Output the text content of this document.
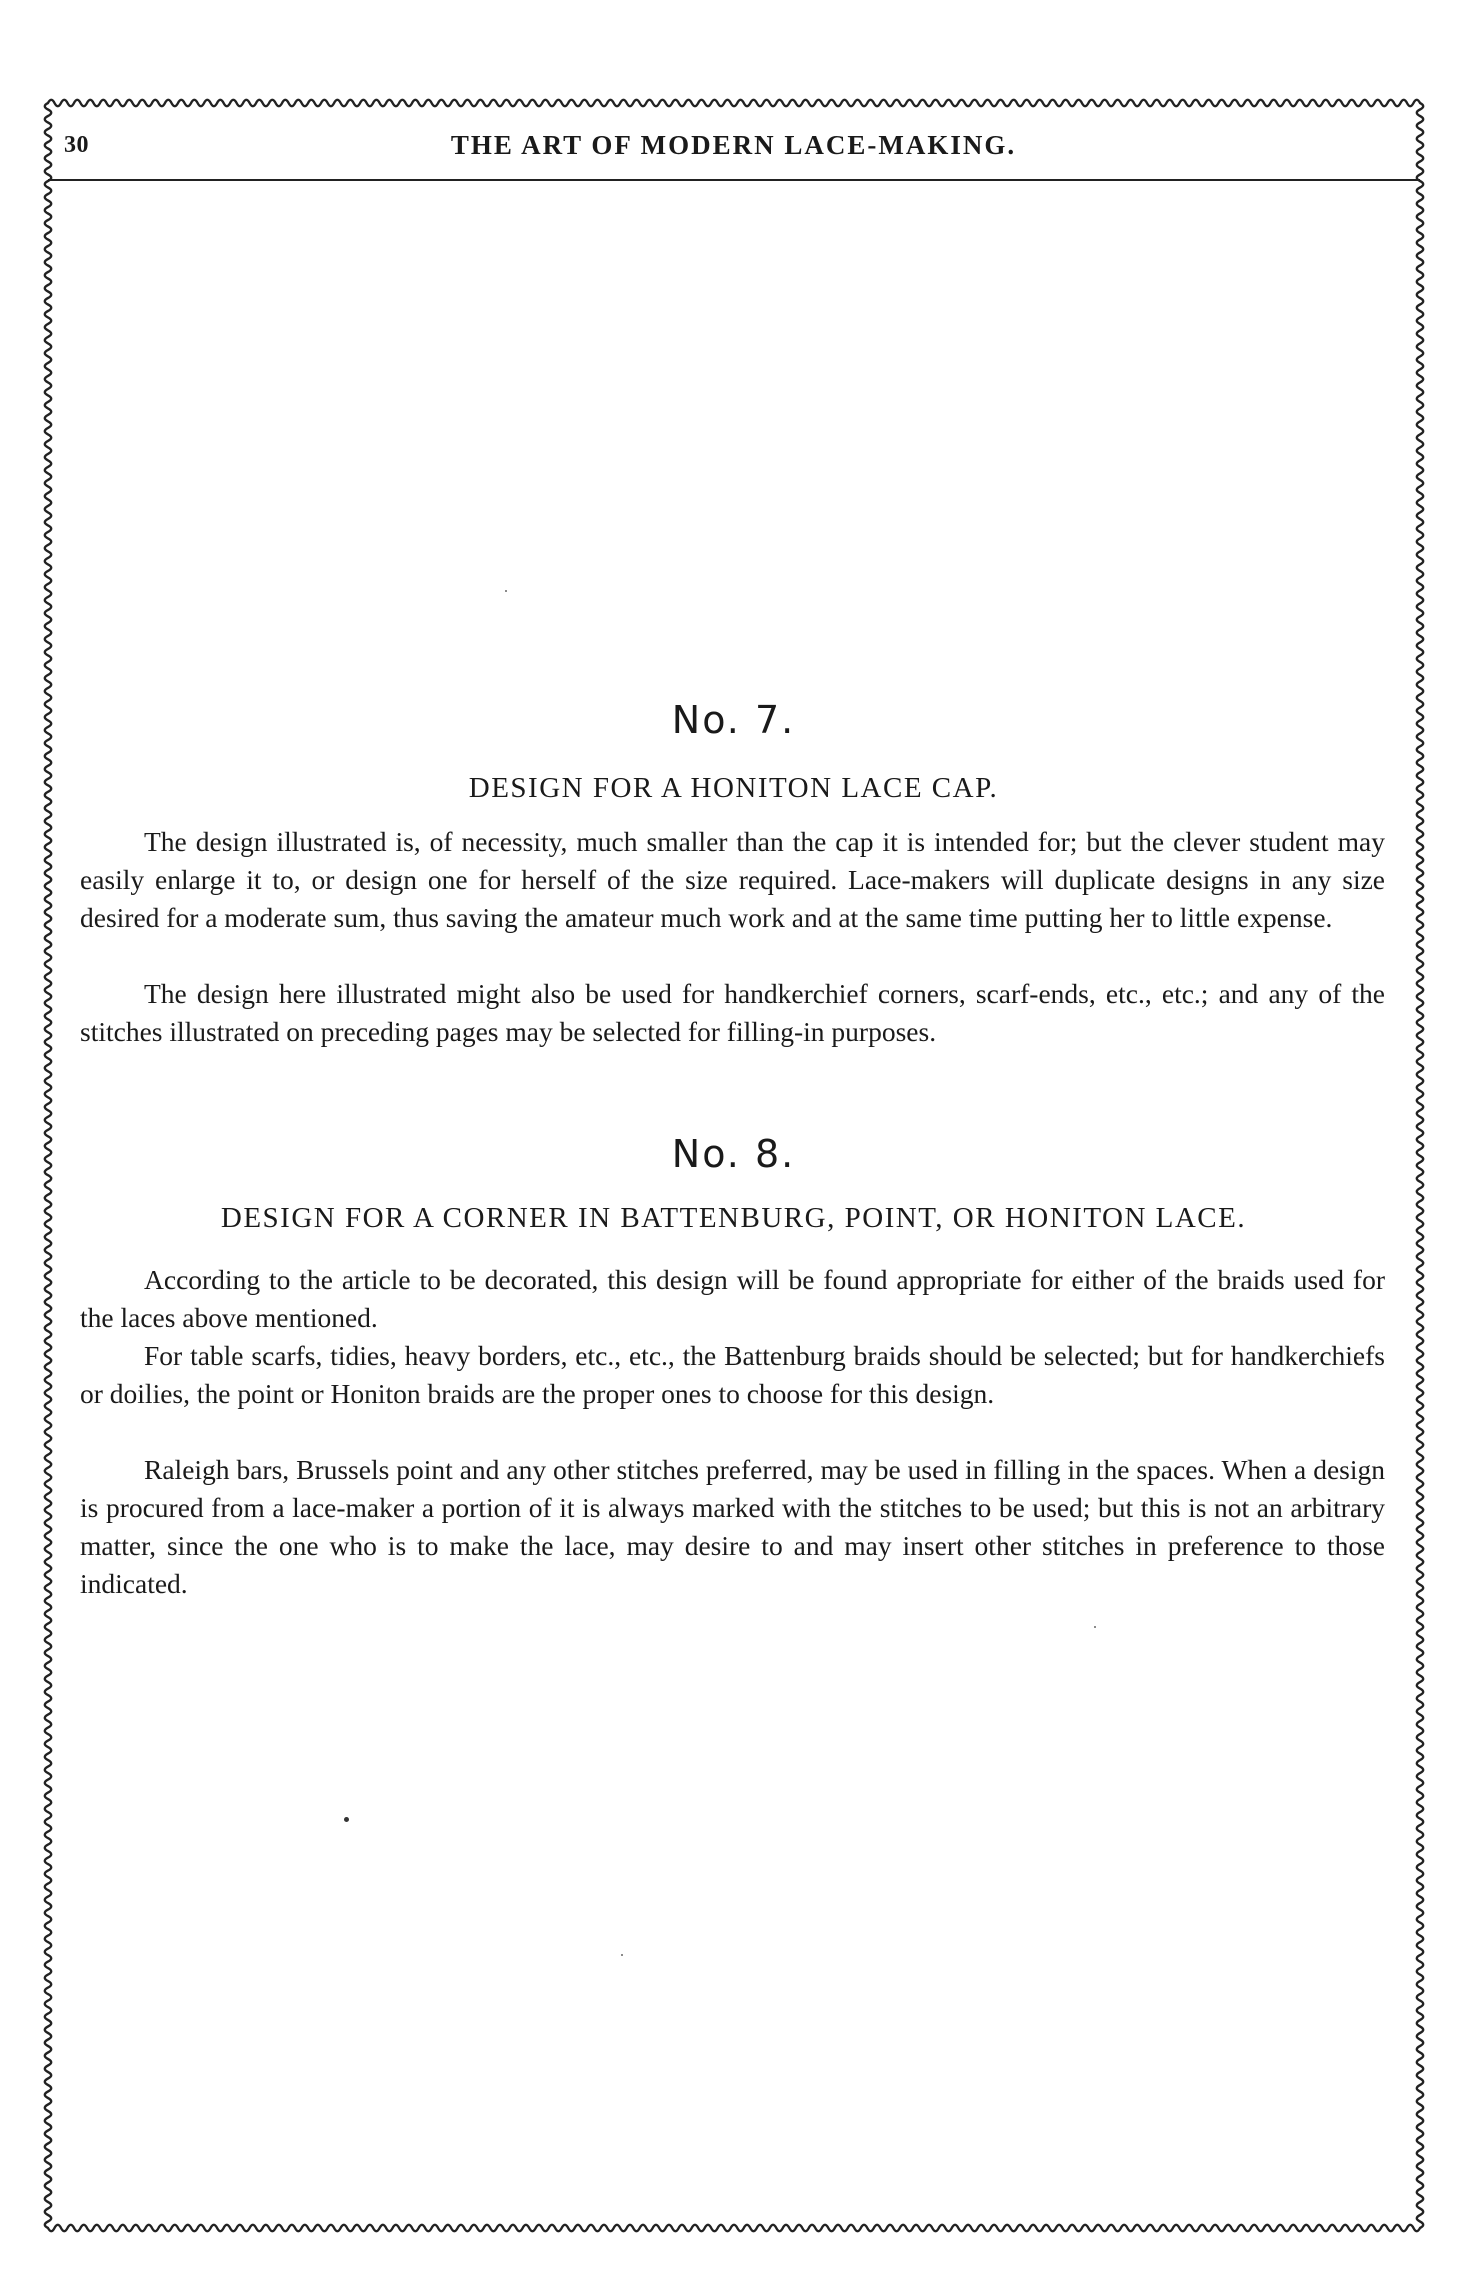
30	THE ART OF MODERN LACE-MAKING.
No. 7.
DESIGN FOR A HONITON LACE CAP.

The design illustrated is, of necessity, much smaller than the cap it is intended for; but the clever student may easily enlarge it to, or design one for herself of the size required. Lace-makers will duplicate designs in any size desired for a moderate sum, thus saving the amateur much work and at the same time putting her to little expense.

The design here illustrated might also be used for handkerchief corners, scarf-ends, etc., etc.; and any of the stitches illustrated on preceding pages may be selected for filling-in purposes.

No. 8.
DESIGN FOR A CORNER IN BATTENBURG, POINT, OR HONITON LACE.

According to the article to be decorated, this design will be found appropriate for either of the braids used for the laces above mentioned.

For table scarfs, tidies, heavy borders, etc., etc., the Battenburg braids should be selected; but for handkerchiefs or doilies, the point or Honiton braids are the proper ones to choose for this design.

Raleigh bars, Brussels point and any other stitches preferred, may be used in filling in the spaces. When a design is procured from a lace-maker a portion of it is always marked with the stitches to be used; but this is not an arbitrary matter, since the one who is to make the lace, may desire to and may insert other stitches in preference to those indicated.
